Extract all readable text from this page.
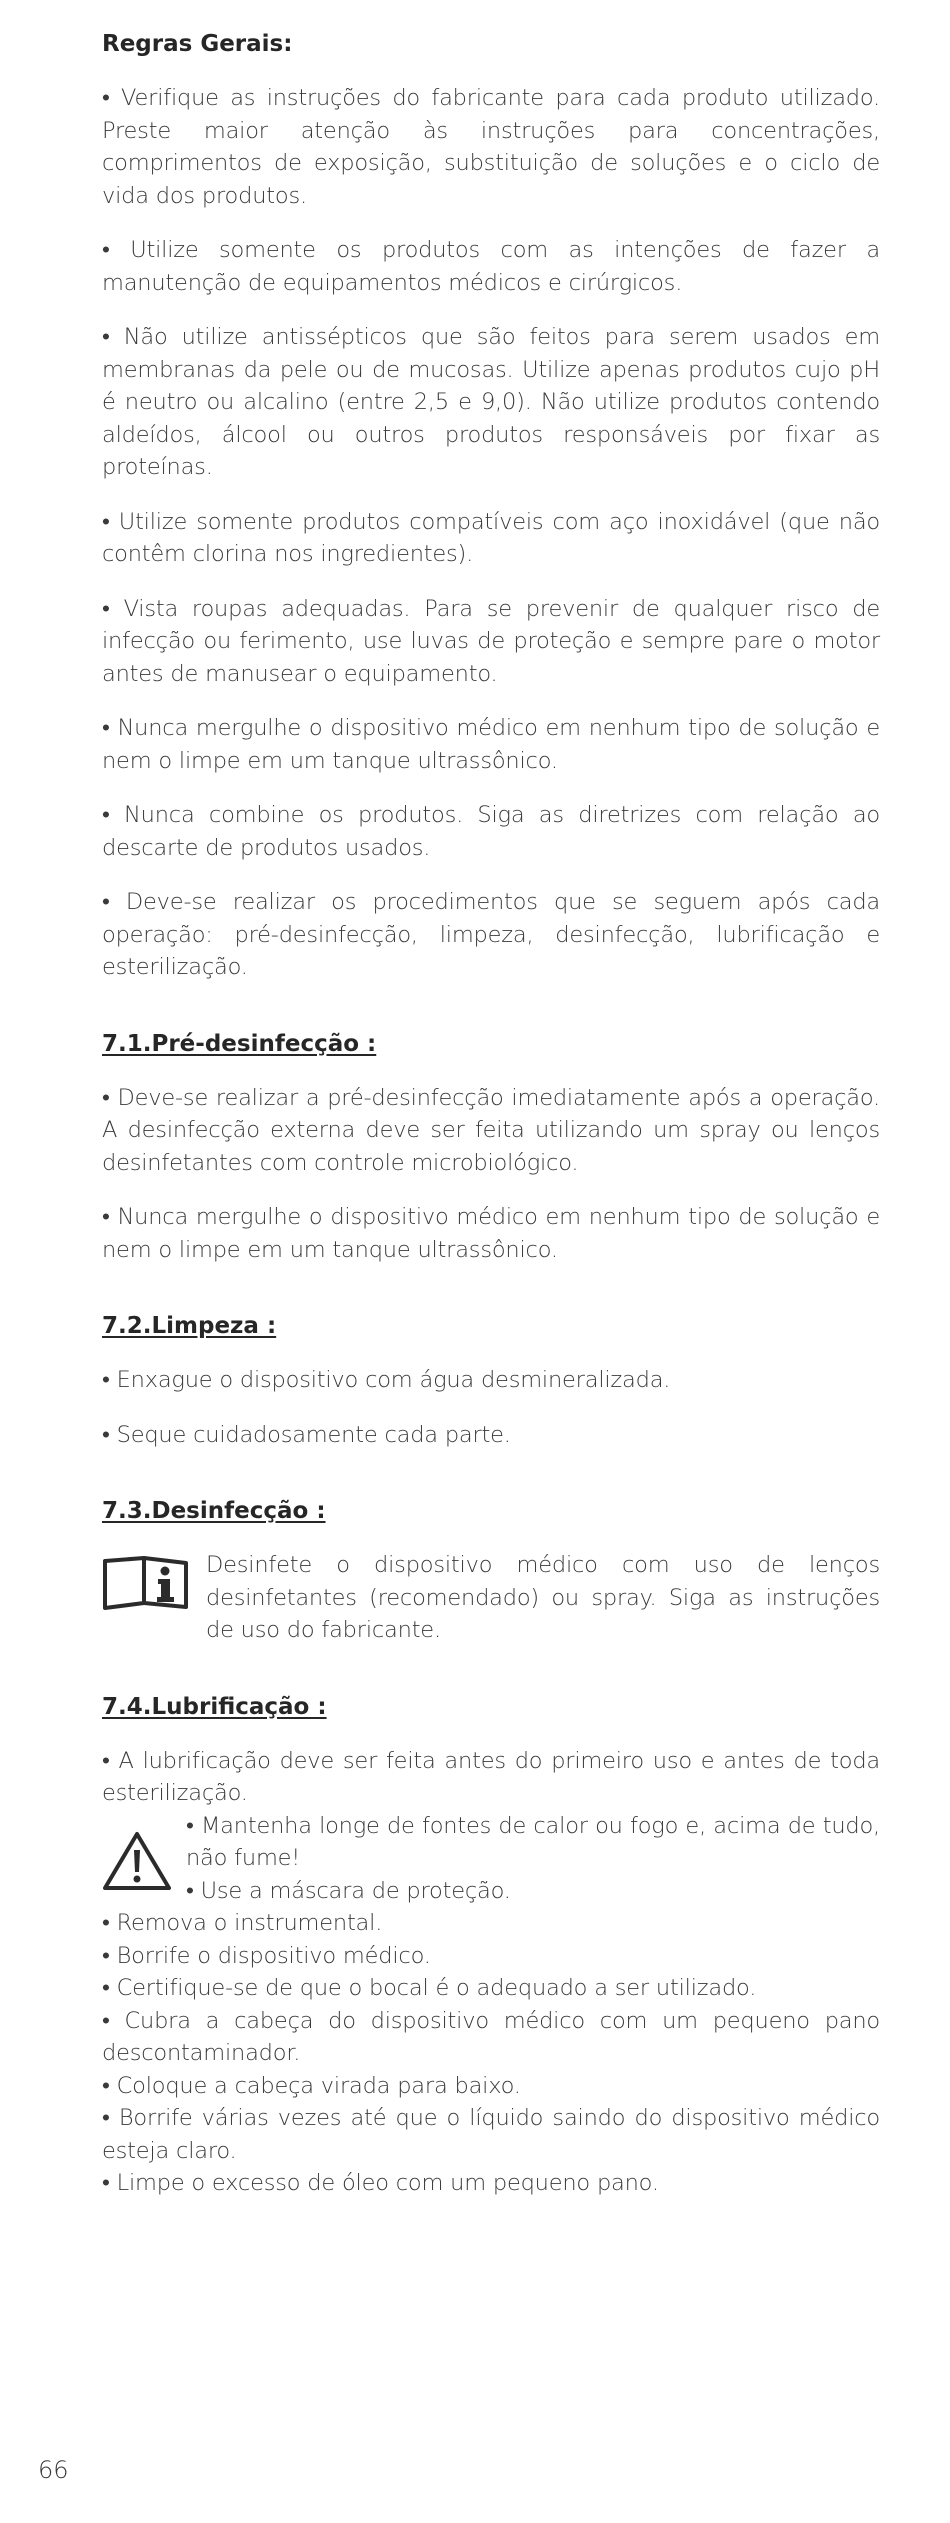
Regras Gerais:

• Verifique as instruções do fabricante para cada produto utilizado. Preste maior atenção às instruções para concentrações, comprimentos de exposição, substituição de soluções e o ciclo de vida dos produtos.

• Utilize somente os produtos com as intenções de fazer a manutenção de equipamentos médicos e cirúrgicos.

• Não utilize antissépticos que são feitos para serem usados em membranas da pele ou de mucosas. Utilize apenas produtos cujo pH é neutro ou alcalino (entre 2,5 e 9,0). Não utilize produtos contendo aldeídos, álcool ou outros produtos responsáveis por fixar as proteínas.

• Utilize somente produtos compatíveis com aço inoxidável (que não contêm clorina nos ingredientes).

• Vista roupas adequadas. Para se prevenir de qualquer risco de infecção ou ferimento, use luvas de proteção e sempre pare o motor antes de manusear o equipamento.

• Nunca mergulhe o dispositivo médico em nenhum tipo de solução e nem o limpe em um tanque ultrassônico.

• Nunca combine os produtos. Siga as diretrizes com relação ao descarte de produtos usados.

• Deve-se realizar os procedimentos que se seguem após cada operação: pré-desinfecção, limpeza, desinfecção, lubrificação e esterilização.

7.1.Pré-desinfecção :

• Deve-se realizar a pré-desinfecção imediatamente após a operação. A desinfecção externa deve ser feita utilizando um spray ou lenços desinfetantes com controle microbiológico.

• Nunca mergulhe o dispositivo médico em nenhum tipo de solução e nem o limpe em um tanque ultrassônico.

7.2.Limpeza :

• Enxague o dispositivo com água desmineralizada.

• Seque cuidadosamente cada parte.

7.3.Desinfecção :
Desinfete o dispositivo médico com uso de lenços desinfetantes (recomendado) ou spray. Siga as instruções de uso do fabricante.
7.4.Lubrificação :

• A lubrificação deve ser feita antes do primeiro uso e antes de toda esterilização.

• Mantenha longe de fontes de calor ou fogo e, acima de tudo, não fume!

• Use a máscara de proteção.

• Remova o instrumental.

• Borrife o dispositivo médico.

• Certifique-se de que o bocal é o adequado a ser utilizado.

• Cubra a cabeça do dispositivo médico com um pequeno pano descontaminador.

• Coloque a cabeça virada para baixo.

• Borrife várias vezes até que o líquido saindo do dispositivo médico esteja claro.

• Limpe o excesso de óleo com um pequeno pano.

66
